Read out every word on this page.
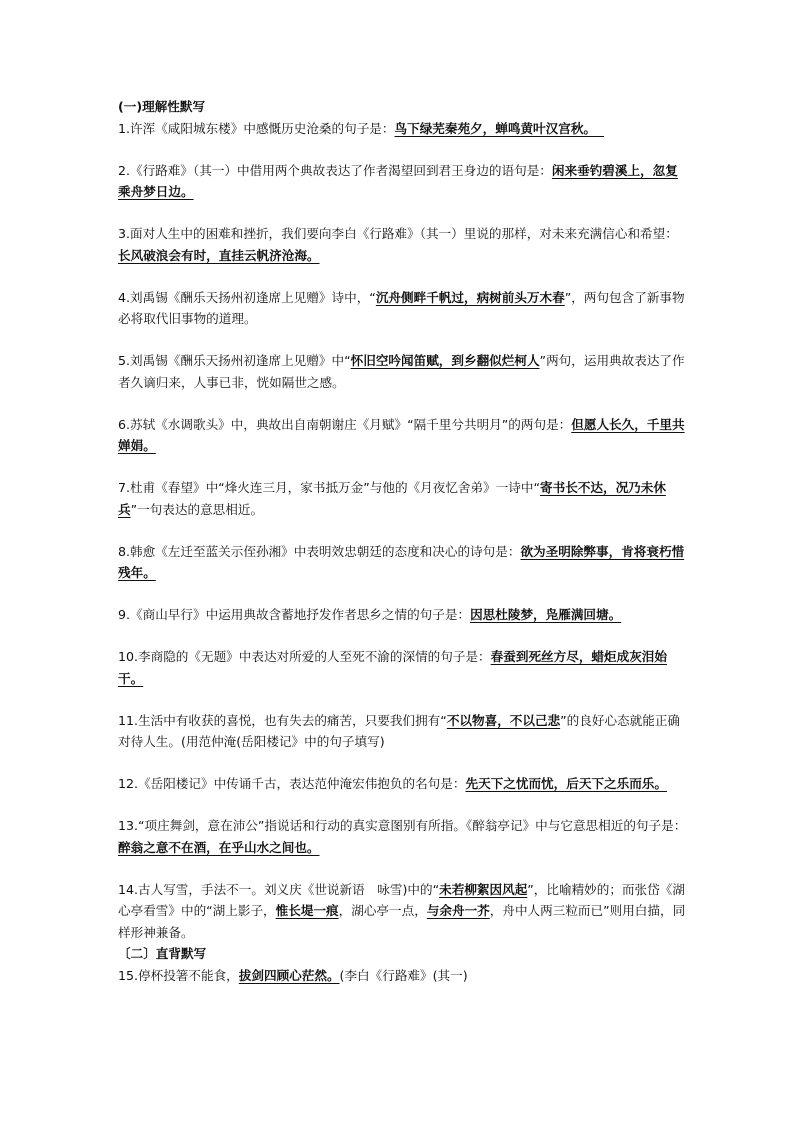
(一)理解性默写

1.许浑《咸阳城东楼》中感慨历史沧桑的句子是：鸟下绿芜秦苑夕，蝉鸣黄叶汉宫秋。 

2.《行路难》（其一）中借用两个典故表达了作者渴望回到君王身边的语句是：闲来垂钓碧溪上，忽复乘舟梦日边。

3.面对人生中的困难和挫折，我们要向李白《行路难》（其一）里说的那样，对未来充满信心和希望：长风破浪会有时，直挂云帆济沧海。

4.刘禹锡《酬乐天扬州初逢席上见赠》诗中，“沉舟侧畔千帆过，病树前头万木春”，两句包含了新事物必将取代旧事物的道理。

5.刘禹锡《酬乐天扬州初逢席上见赠》中“怀旧空吟闻笛赋，到乡翻似烂柯人”两句，运用典故表达了作者久谪归来，人事已非，恍如隔世之感。

6.苏轼《水调歌头》中，典故出自南朝谢庄《月赋》“隔千里兮共明月”的两句是：但愿人长久，千里共婵娟。

7.杜甫《春望》中“烽火连三月，家书抵万金”与他的《月夜忆舍弟》一诗中“寄书长不达，况乃未休兵”一句表达的意思相近。

8.韩愈《左迁至蓝关示侄孙湘》中表明效忠朝廷的态度和决心的诗句是：欲为圣明除弊事，肯将衰朽惜残年。

9.《商山早行》中运用典故含蓄地抒发作者思乡之情的句子是：因思杜陵梦，凫雁满回塘。

10.李商隐的《无题》中表达对所爱的人至死不渝的深情的句子是：春蚕到死丝方尽，蜡炬成灰泪始干。

11.生活中有收获的喜悦，也有失去的痛苦，只要我们拥有“不以物喜，不以己悲”的良好心态就能正确对待人生。(用范仲淹(岳阳楼记》中的句子填写)

12.《岳阳楼记》中传诵千古，表达范仲淹宏伟抱负的名句是：先天下之忧而忧，后天下之乐而乐。

13.“项庄舞剑，意在沛公”指说话和行动的真实意图别有所指。《醉翁亭记》中与它意思相近的句子是：醉翁之意不在酒，在乎山水之间也。

14.古人写雪，手法不一。刘义庆《世说新语　咏雪)中的“未若柳絮因风起”，比喻精妙的；而张岱《湖心亭看雪》中的“湖上影子，惟长堤一痕，湖心亭一点，与余舟一芥，舟中人两三粒而已”则用白描，同样形神兼备。

〔二〕直背默写

15.停杯投箸不能食，拔剑四顾心茫然。(李白《行路难》(其一)
